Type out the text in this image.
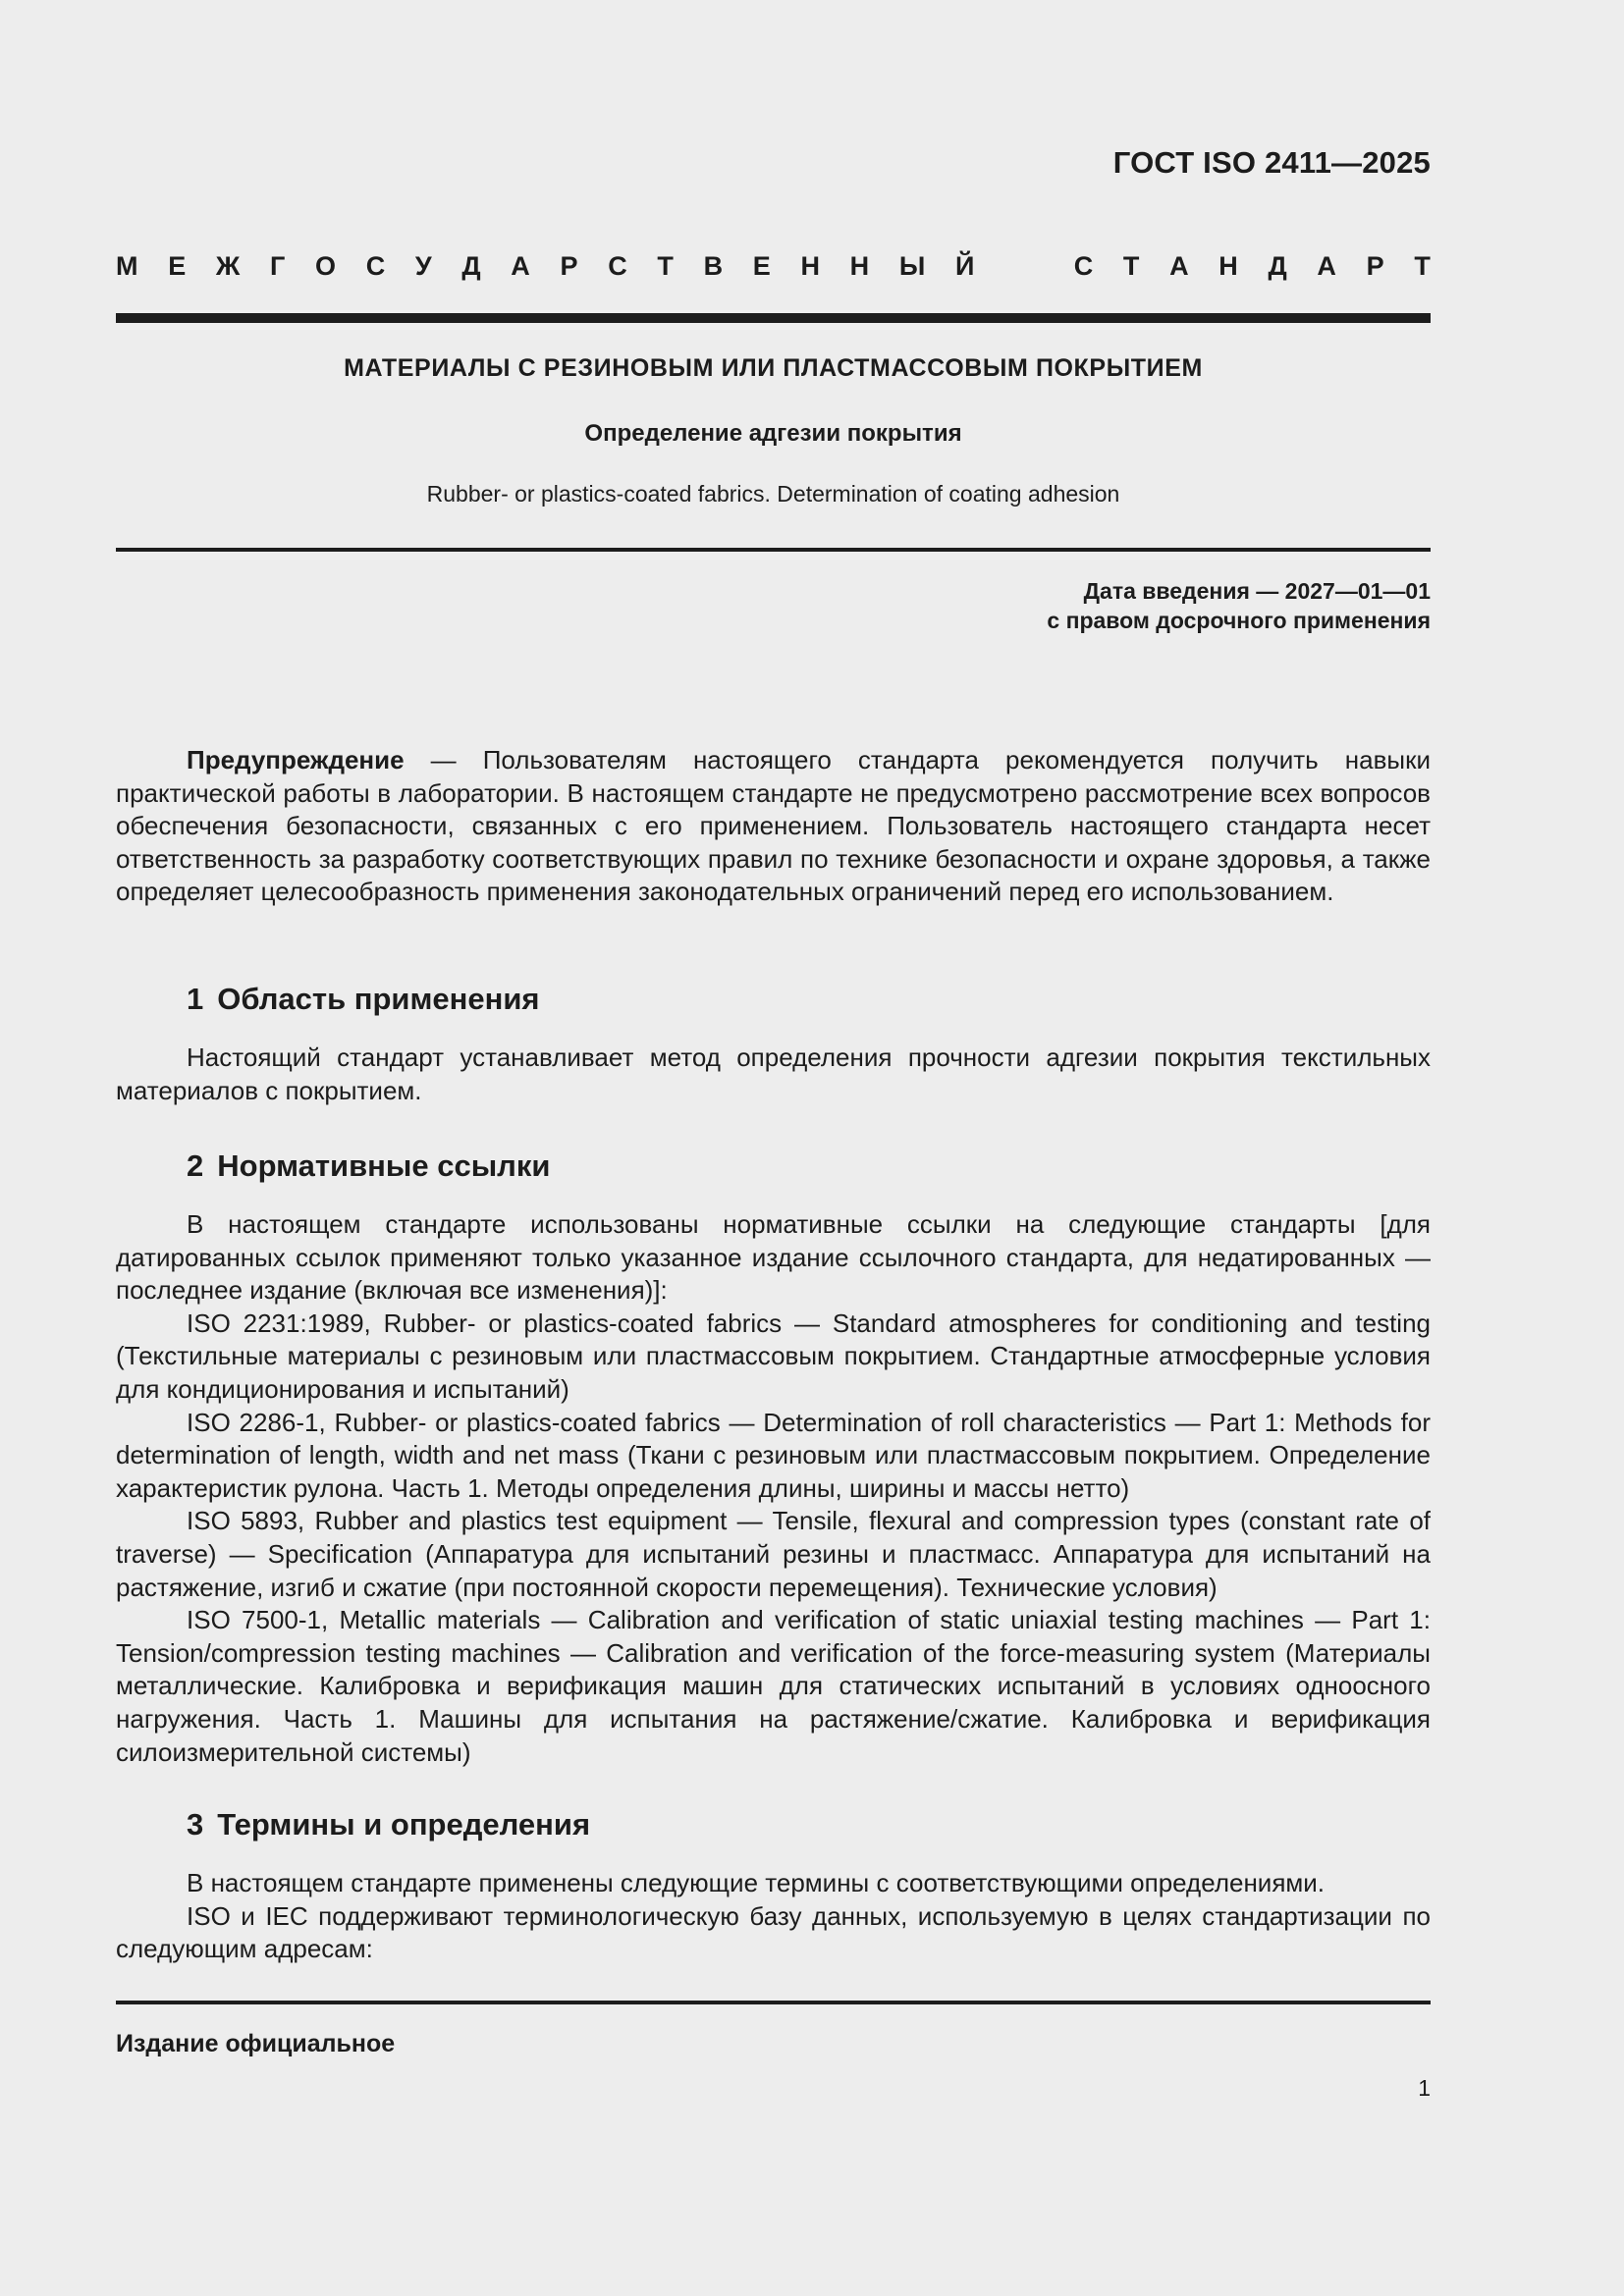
ГОСТ ISO 2411—2025
М Е Ж Г О С У Д А Р С Т В Е Н Н Ы Й	С Т А Н Д А Р Т
МАТЕРИАЛЫ С РЕЗИНОВЫМ ИЛИ ПЛАСТМАССОВЫМ ПОКРЫТИЕМ
Определение адгезии покрытия
Rubber- or plastics-coated fabrics. Determination of coating adhesion
Дата введения — 2027—01—01
с правом досрочного применения

Предупреждение — Пользователям настоящего стандарта рекомендуется получить навыки практической работы в лаборатории. В настоящем стандарте не предусмотрено рассмотрение всех вопросов обеспечения безопасности, связанных с его применением. Пользователь настоящего стандарта несет ответственность за разработку соответствующих правил по технике безопасности и охране здоровья, а также определяет целесообразность применения законодательных ограничений перед его использованием.

1 Область применения

Настоящий стандарт устанавливает метод определения прочности адгезии покрытия текстильных материалов с покрытием.

2 Нормативные ссылки

В настоящем стандарте использованы нормативные ссылки на следующие стандарты [для датированных ссылок применяют только указанное издание ссылочного стандарта, для недатированных — последнее издание (включая все изменения)]:

ISO 2231:1989, Rubber- or plastics-coated fabrics — Standard atmospheres for conditioning and testing (Текстильные материалы с резиновым или пластмассовым покрытием. Стандартные атмосферные условия для кондиционирования и испытаний)

ISO 2286-1, Rubber- or plastics-coated fabrics — Determination of roll characteristics — Part 1: Methods for determination of length, width and net mass (Ткани с резиновым или пластмассовым покрытием. Определение характеристик рулона. Часть 1. Методы определения длины, ширины и массы нетто)

ISO 5893, Rubber and plastics test equipment — Tensile, flexural and compression types (constant rate of traverse) — Specification (Аппаратура для испытаний резины и пластмасс. Аппаратура для испытаний на растяжение, изгиб и сжатие (при постоянной скорости перемещения). Технические условия)

ISO 7500-1, Metallic materials — Calibration and verification of static uniaxial testing machines — Part 1: Tension/compression testing machines — Calibration and verification of the force-measuring system (Материалы металлические. Калибровка и верификация машин для статических испытаний в условиях одноосного нагружения. Часть 1. Машины для испытания на растяжение/сжатие. Калибровка и верификация силоизмерительной системы)

3 Термины и определения

В настоящем стандарте применены следующие термины с соответствующими определениями.

ISO и IEC поддерживают терминологическую базу данных, используемую в целях стандартизации по следующим адресам:

Издание официальное
1
